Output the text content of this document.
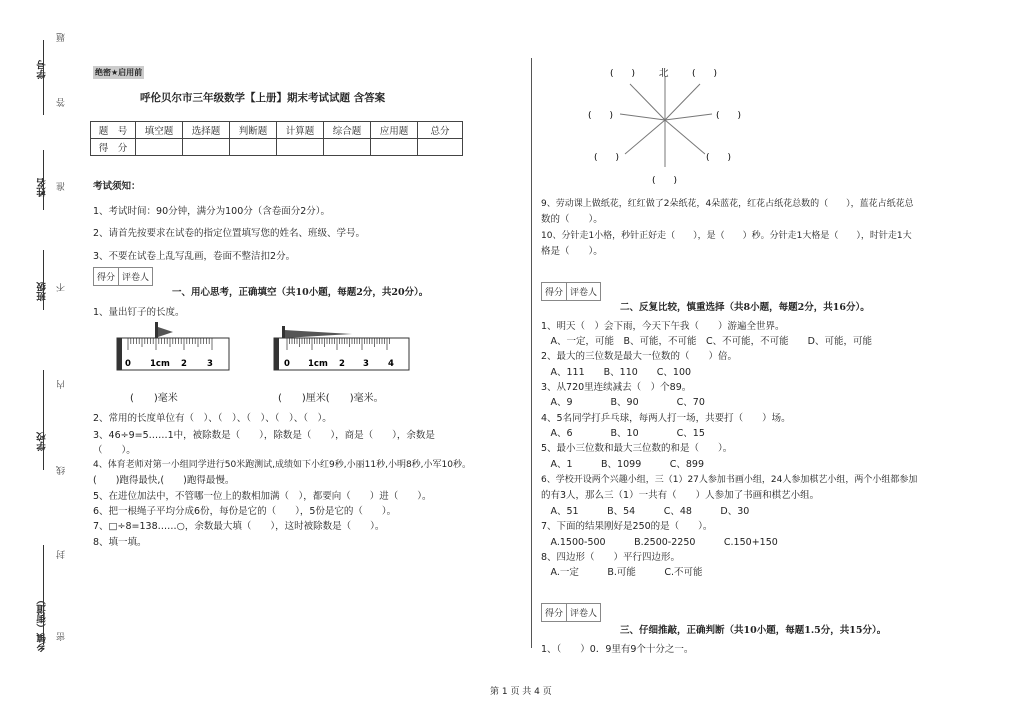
学号
姓名
班级
学校
乡镇（街道）
题
答
准
不
内
线
封
密
绝密★启用前
呼伦贝尔市三年级数学【上册】期末考试试题 含答案
题　号	填空题	选择题	判断题	计算题	综合题	应用题	总分
得　分							
考试须知：
1、考试时间：90分钟，满分为100分（含卷面分2分）。
2、请首先按要求在试卷的指定位置填写您的姓名、班级、学号。
3、不要在试卷上乱写乱画，卷面不整洁扣2分。
得分 评卷人
一、用心思考，正确填空（共10小题，每题2分，共20分）。
1、量出钉子的长度。
0 1cm 2 3	0 1cm 2 3 4
(　　)毫米	(　　)厘米(　　)毫米。
2、常用的长度单位有（　）、（　）、（　）、（　）、（　）。
3、46÷9=5……1中，被除数是（　　），除数是（　　），商是（　　），余数是
（　　）。
4、体育老师对第一小组同学进行50米跑测试,成绩如下小红9秒,小丽11秒,小明8秒,小军10秒。
(　　)跑得最快,(　　)跑得最慢。
5、在进位加法中，不管哪一位上的数相加满（　），都要向（　　）进（　　）。
6、把一根绳子平均分成6份，每份是它的（　　），5份是它的（　　）。
7、□÷8=138……○，余数最大填（　　），这时被除数是（　　）。
8、填一填。
(　　)	北	(　　)
(　　)	(　　)
(　　)	(　　)
(　　)
9、劳动课上做纸花，红红做了2朵纸花，4朵蓝花，红花占纸花总数的（　　），蓝花占纸花总
数的（　　）。
10、分针走1小格，秒针正好走（　　），是（　　）秒。分针走1大格是（　　），时针走1大
格是（　　）。
得分 评卷人
二、反复比较，慎重选择（共8小题，每题2分，共16分）。
1、明天（　）会下雨，今天下午我（　　）游遍全世界。
　A、一定，可能　B、可能，不可能　C、不可能，不可能　　D、可能，可能
2、最大的三位数是最大一位数的（　　）倍。
　A、111　　B、110　　C、100
3、从720里连续减去（　）个89。
　A、9　　　　B、90　　　　C、70
4、5名同学打乒乓球，每两人打一场，共要打（　　）场。
　A、6　　　　B、10　　　　C、15
5、最小三位数和最大三位数的和是（　　）。
　A、1　　　B、1099　　　C、899
6、学校开设两个兴趣小组，三（1）27人参加书画小组，24人参加棋艺小组，两个小组都参加
的有3人，那么三（1）一共有（　　）人参加了书画和棋艺小组。
　A、51　　　B、54　　　C、48　　　D、30
7、下面的结果刚好是250的是（　　）。
　A.1500-500　　　B.2500-2250　　　C.150+150
8、四边形（　　）平行四边形。
　A.一定　　　B.可能　　　C.不可能
得分 评卷人
三、仔细推敲，正确判断（共10小题，每题1.5分，共15分）。
1、（　　）0．9里有9个十分之一。
第 1 页 共 4 页
